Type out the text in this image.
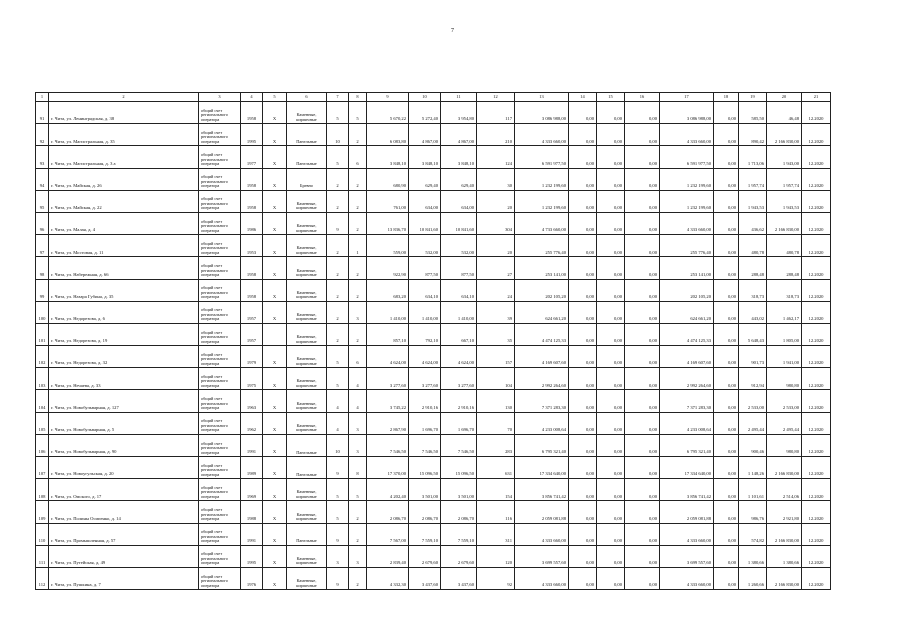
7
1	2	3	4	5	6	7	8	9	10	11	12	13	14	15	16	17	18	19	20	21
91	г. Чита, ул. Ленинградская, д. 38	общий счет регионального оператора	1958	Х	Каменные, кирпичные	5	5	5 670,22	5 272,40	3 954,80	117	3 086 988,00	0,00	0,00	0,00	3 086 988,00	0,00	585,50	46,48	12.2020
92	г. Чита, ул. Магистральная, д. 35	общий счет регионального оператора	1995	Х	Панельные	10	2	6 083,80	4 867,00	4 867,00	210	4 333 660,00	0,00	0,00	0,00	4 333 660,00	0,00	890,42	2 166 830,00	12.2020
93	г. Чита, ул. Магистральная, д. 3 а	общий счет регионального оператора	1977	Х	Панельные	5	6	3 848,10	3 848,10	3 848,10	124	6 591 977,50	0,00	0,00	0,00	6 591 977,50	0,00	1 713,06	1 943,00	12.2020
94	г. Чита, ул. Майская, д. 26	общий счет регионального оператора	1958	Х	Бревно	2	2	680,90	629,40	629,40	30	1 232 199,60	0,00	0,00	0,00	1 232 199,60	0,00	1 957,74	1 957,74	12.2020
95	г. Чита, ул. Майская, д. 22	общий счет регионального оператора	1958	Х	Каменные, кирпичные	2	2	761,00	634,00	634,00	20	1 232 199,60	0,00	0,00	0,00	1 232 199,60	0,00	1 943,53	1 943,53	12.2020
96	г. Чита, ул. Малая, д. 4	общий счет регионального оператора	1986	Х	Каменные, кирпичные	9	2	13 836,70	10 841,60	10 841,60	304	4 733 660,00	0,00	0,00	0,00	4 333 660,00	0,00	436,62	2 166 830,00	12.2020
97	г. Чита, ул. Мостовая, д. 11	общий счет регионального оператора	1953	Х	Каменные, кирпичные	2	1	559,00	532,00	532,00	20	255 776,40	0,00	0,00	0,00	255 776,40	0,00	480,78	480,78	12.2020
98	г. Чита, ул. Набережная, д. 66	общий счет регионального оператора	1958	Х	Каменные, кирпичные	2	2	922,90	877,50	877,50	27	253 141,00	0,00	0,00	0,00	253 141,00	0,00	288,48	288,48	12.2020
99	г. Чита, ул. Назара Губина, д. 35	общий счет регионального оператора	1958	Х	Каменные, кирпичные	2	2	683,20	634,10	634,10	24	202 105,20	0,00	0,00	0,00	202 105,20	0,00	318,73	318,73	12.2020
100	г. Чита, ул. Недорезова, д. 6	общий счет регионального оператора	1957	Х	Каменные, кирпичные	2	3	1 410,00	1 410,00	1 410,00	39	624 661,20	0,00	0,00	0,00	624 661,20	0,00	443,02	1 462,17	12.2020
101	г. Чита, ул. Недорезова, д. 19	общий счет регионального оператора	1957		Каменные, кирпичные	2	2	857,10	792,10	667,10	35	4 474 125,33	0,00	0,00	0,00	4 474 125,33	0,00	5 648,43	1 805,00	12.2020
102	г. Чита, ул. Недорезова, д. 32	общий счет регионального оператора	1979	Х	Каменные, кирпичные	5	6	4 624,00	4 624,00	4 624,00	157	4 169 607,60	0,00	0,00	0,00	4 169 607,60	0,00	901,73	1 941,00	12.2020
103	г. Чита, ул. Нечаева, д. 33	общий счет регионального оператора	1975	Х	Каменные, кирпичные	5	4	3 277,60	3 277,60	3 277,60	104	2 992 264,60	0,00	0,00	0,00	2 992 264,60	0,00	912,94	980,80	12.2020
104	г. Чита, ул. Новобульварная, д. 127	общий счет регионального оператора	1963	Х	Каменные, кирпичные	4	4	3 745,22	2 910,16	2 910,16	130	7 371 283,30	0,00	0,00	0,00	7 371 283,30	0,00	2 533,00	2 533,00	12.2020
105	г. Чита, ул. Новобульварная, д. 5	общий счет регионального оператора	1962	Х	Каменные, кирпичные	4	3	2 867,90	1 696,70	1 696,70	70	4 233 008,64	0,00	0,00	0,00	4 233 008,64	0,00	2 495,44	2 495,44	12.2020
106	г. Чита, ул. Новобульварная, д. 90	общий счет регионального оператора	1991	Х	Панельные	10	3	7 546,50	7 546,50	7 546,50	283	6 795 321,40	0,00	0,00	0,00	6 795 321,40	0,00	900,46	980,80	12.2020
107	г. Чита, ул. Новоугульская, д. 20	общий счет регионального оператора	1989	Х	Панельные	9	8	17 370,00	15 096,50	15 096,50	631	17 334 640,00	0,00	0,00	0,00	17 334 640,00	0,00	1 148,26	2 166 830,00	12.2020
108	г. Чита, ул. Омского, д. 17	общий счет регионального оператора	1969	Х	Каменные, кирпичные	5	5	4 202,40	3 501,00	3 501,00	154	3 856 741,42	0,00	0,00	0,00	3 856 741,42	0,00	1 101,61	2 514,06	12.2020
109	г. Чита, ул. Полины Осипенко, д. 14	общий счет регионального оператора	1988	Х	Каменные, кирпичные	5	2	2 086,70	2 086,70	2 086,70	116	2 059 081,88	0,00	0,00	0,00	2 059 081,88	0,00	986,76	2 921,80	12.2020
110	г. Чита, ул. Промышленная, д. 57	общий счет регионального оператора	1991	Х	Панельные	9	2	7 567,00	7 559,10	7 559,10	311	4 333 660,00	0,00	0,00	0,00	4 333 660,00	0,00	574,82	2 166 830,00	12.2020
111	г. Чита, ул. Путейская, д. 49	общий счет регионального оператора	1995	Х	Каменные, кирпичные	3	3	2 839,40	2 679,60	2 679,60	120	3 699 557,60	0,00	0,00	0,00	3 699 557,60	0,00	1 380,66	1 380,66	12.2020
112	г. Чита, ул. Пушкина, д. 7	общий счет регионального оператора	1976	Х	Каменные, кирпичные	9	2	4 332,30	3 437,60	3 437,60	92	4 333 660,00	0,00	0,00	0,00	4 333 660,00	0,00	1 260,66	2 166 830,00	12.2020
